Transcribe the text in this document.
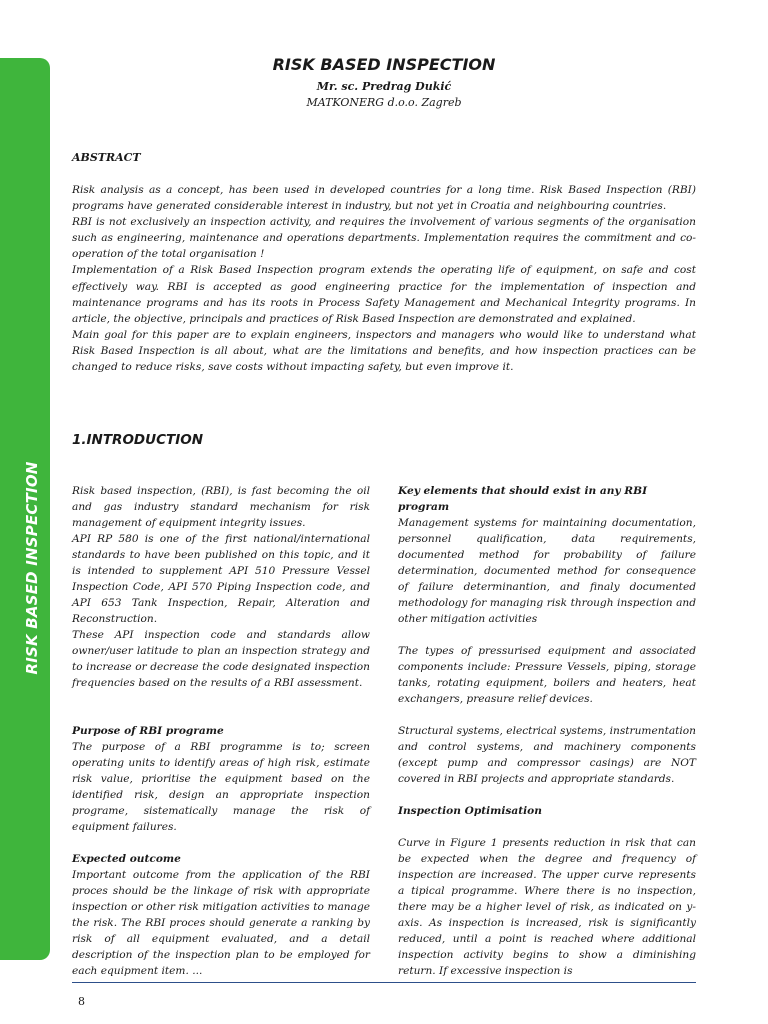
RISK BASED INSPECTION
RISK BASED INSPECTION
Mr. sc. Predrag Dukić
MATKONERG d.o.o. Zagreb
ABSTRACT

Risk analysis as a concept, has been used in developed countries for a long time. Risk Based Inspection (RBI) programs have generated considerable interest in industry, but not yet in Croatia and neighbouring countries.

RBI is not exclusively an inspection activity, and requires the involvement of various segments of the organisation such as engineering, maintenance and operations departments. Implementation requires the commitment and co-operation of the total organisation !

Implementation of a Risk Based Inspection program extends the operating life of equipment, on safe and cost effectively way. RBI is accepted as good engineering practice for the implementation of inspection and maintenance programs and has its roots in Process Safety Management and Mechanical Integrity programs. In article, the objective, principals and practices of Risk Based Inspection are demonstrated and explained.

Main goal for this paper are to explain engineers, inspectors and managers who would like to understand what Risk Based Inspection is all about, what are the limitations and benefits, and how inspection practices can be changed to reduce risks, save costs without impacting safety, but even improve it.

1.INTRODUCTION

Risk based inspection, (RBI), is fast becoming the oil and gas industry standard mechanism for risk management of equipment integrity issues.

API RP 580 is one of the first national/international standards to have been published on this topic, and it is intended to supplement API 510 Pressure Vessel Inspection Code, API 570 Piping Inspection code, and API 653 Tank Inspection, Repair, Alteration and Reconstruction.

These API inspection code and standards allow owner/user latitude to plan an inspection strategy and to increase or decrease the code designated inspection frequencies based on the results of a RBI assessment.

Purpose of RBI programe

The purpose of a RBI programme is to; screen operating units to identify areas of high risk, estimate risk value, prioritise the equipment based on the identified risk, design an appropriate inspection programe, sistematically manage the risk of equipment failures.

Expected outcome

Important outcome from the application of the RBI proces should be the linkage of risk with appropriate inspection or other risk mitigation activities to manage the risk. The RBI proces should generate a ranking by risk of all equipment evaluated, and a detail description of the inspection plan to be employed for each equipment item. ...

Key elements that should exist in any RBI program

Management systems for maintaining documentation, personnel qualification, data requirements, documented method for probability of failure determination, documented method for consequence of failure determinantion, and finaly documented methodology for managing risk through inspection and other mitigation activities

The types of pressurised equipment and associated components include: Pressure Vessels, piping, storage tanks, rotating equipment, boilers and heaters, heat exchangers, preasure relief devices.

Structural systems, electrical systems, instrumentation and control systems, and machinery components (except pump and compressor casings) are NOT covered in RBI projects and appropriate standards.

Inspection Optimisation

Curve in Figure 1 presents reduction in risk that can be expected when the degree and frequency of inspection are increased. The upper curve represents a tipical programme. Where there is no inspection, there may be a higher level of risk, as indicated on y-axis. As inspection is increased, risk is significantly reduced, until a point is reached where additional inspection activity begins to show a diminishing return. If excessive inspection is

8
